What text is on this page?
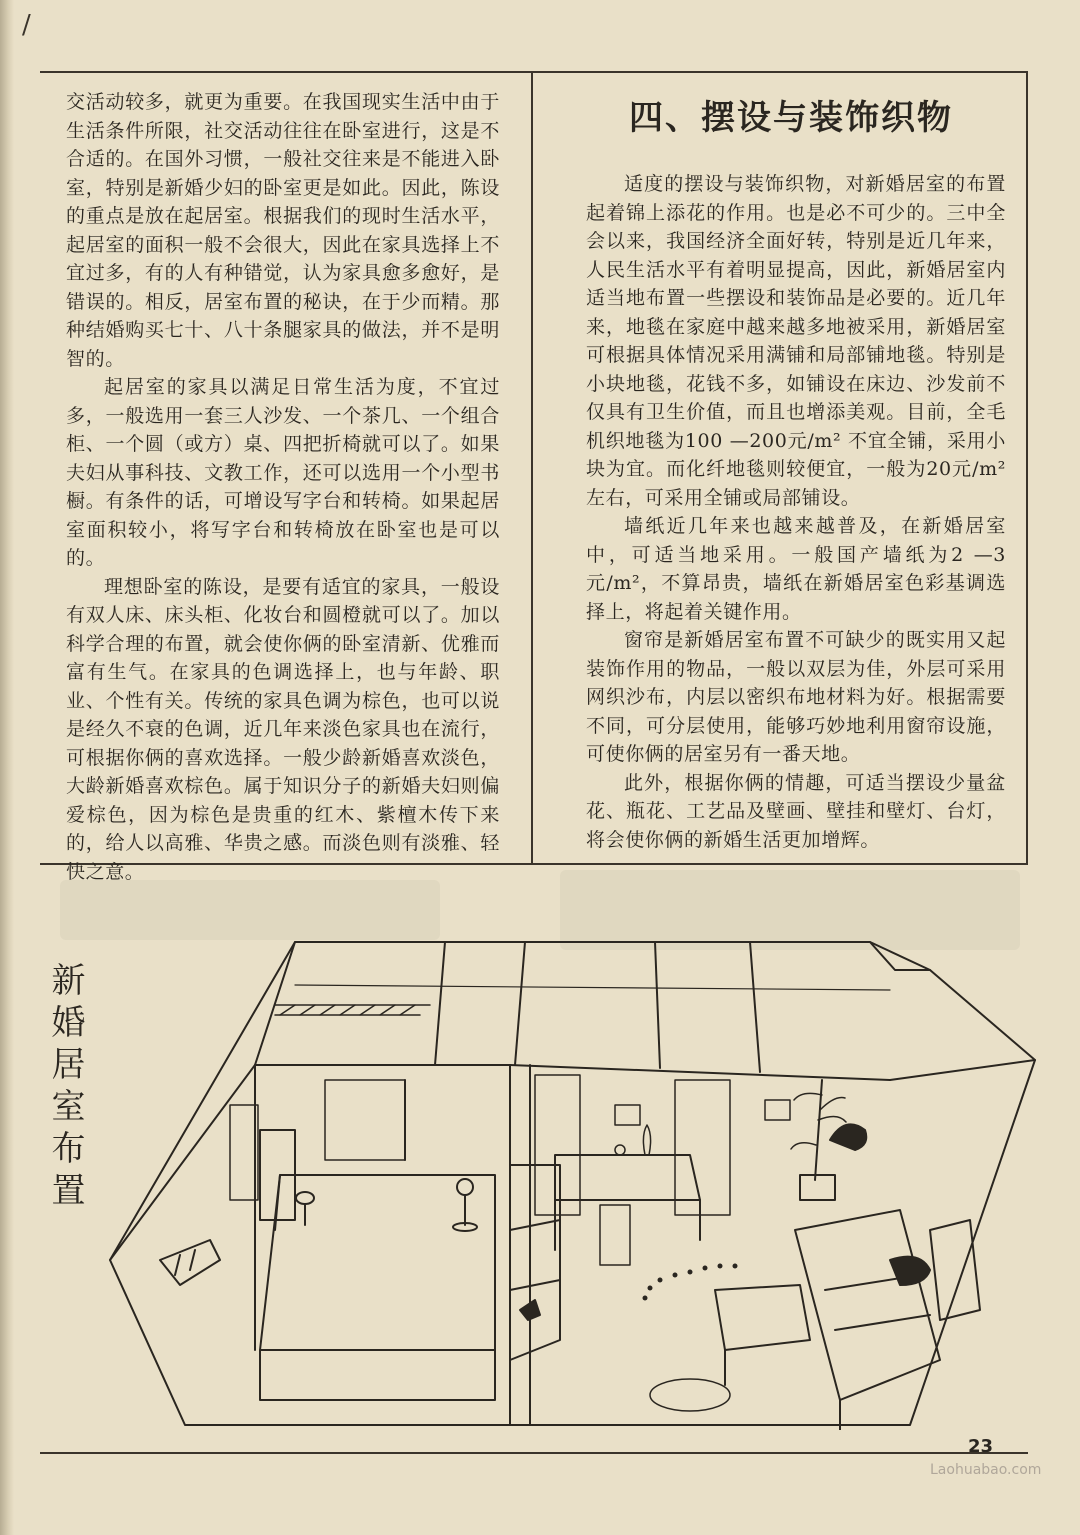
/

交活动较多，就更为重要。在我国现实生活中由于生活条件所限，社交活动往往在卧室进行，这是不合适的。在国外习惯，一般社交往来是不能进入卧室，特别是新婚少妇的卧室更是如此。因此，陈设的重点是放在起居室。根据我们的现时生活水平，起居室的面积一般不会很大，因此在家具选择上不宜过多，有的人有种错觉，认为家具愈多愈好，是错误的。相反，居室布置的秘诀，在于少而精。那种结婚购买七十、八十条腿家具的做法，并不是明智的。

起居室的家具以满足日常生活为度，不宜过多，一般选用一套三人沙发、一个茶几、一个组合柜、一个圆（或方）桌、四把折椅就可以了。如果夫妇从事科技、文教工作，还可以选用一个小型书橱。有条件的话，可增设写字台和转椅。如果起居室面积较小，将写字台和转椅放在卧室也是可以的。

理想卧室的陈设，是要有适宜的家具，一般设有双人床、床头柜、化妆台和圆橙就可以了。加以科学合理的布置，就会使你俩的卧室清新、优雅而富有生气。在家具的色调选择上，也与年龄、职业、个性有关。传统的家具色调为棕色，也可以说是经久不衰的色调，近几年来淡色家具也在流行，可根据你俩的喜欢选择。一般少龄新婚喜欢淡色，大龄新婚喜欢棕色。属于知识分子的新婚夫妇则偏爱棕色，因为棕色是贵重的红木、紫檀木传下来的，给人以高雅、华贵之感。而淡色则有淡雅、轻快之意。

四、摆设与装饰织物

适度的摆设与装饰织物，对新婚居室的布置起着锦上添花的作用。也是必不可少的。三中全会以来，我国经济全面好转，特别是近几年来，人民生活水平有着明显提高，因此，新婚居室内适当地布置一些摆设和装饰品是必要的。近几年来，地毯在家庭中越来越多地被采用，新婚居室可根据具体情况采用满铺和局部铺地毯。特别是小块地毯，花钱不多，如铺设在床边、沙发前不仅具有卫生价值，而且也增添美观。目前，全毛机织地毯为100 —200元/m² 不宜全铺，采用小块为宜。而化纤地毯则较便宜，一般为20元/m² 左右，可采用全铺或局部铺设。

墙纸近几年来也越来越普及，在新婚居室中，可适当地采用。一般国产墙纸为2 —3元/m²，不算昂贵，墙纸在新婚居室色彩基调选择上，将起着关键作用。

窗帘是新婚居室布置不可缺少的既实用又起装饰作用的物品，一般以双层为佳，外层可采用网织沙布，内层以密织布地材料为好。根据需要不同，可分层使用，能够巧妙地利用窗帘设施，可使你俩的居室另有一番天地。

此外，根据你俩的情趣，可适当摆设少量盆花、瓶花、工艺品及壁画、壁挂和壁灯、台灯，将会使你俩的新婚生活更加增辉。

新婚居室布置
23
Laohuabao.com
